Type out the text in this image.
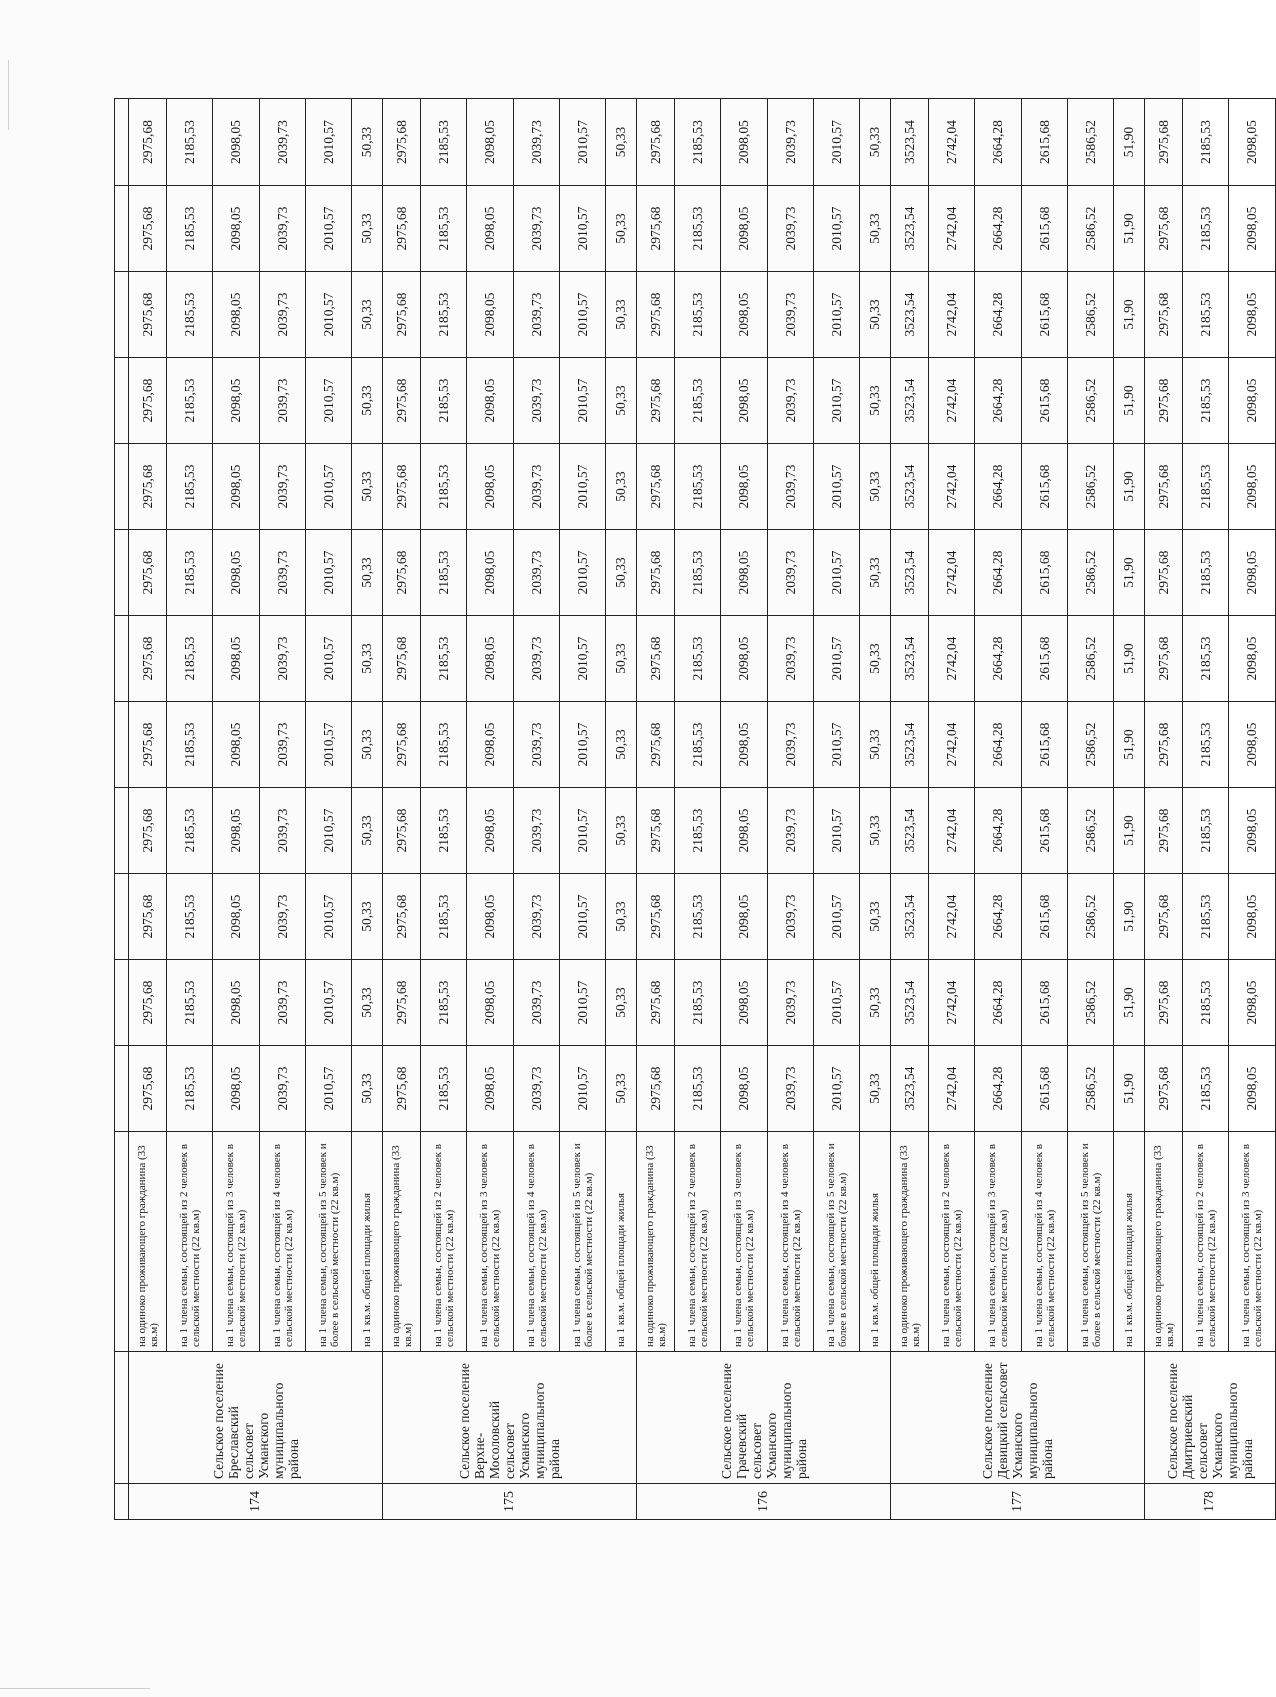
174	Сельское поселение Бреславский сельсовет Усманского муниципального района	на одиноко проживающего гражданина (33 кв.м)	2975,68	2975,68	2975,68	2975,68	2975,68	2975,68	2975,68	2975,68	2975,68	2975,68	2975,68	2975,68
		на 1 члена семьи, состоящей из 2 человек в сельской местности (22 кв.м)	2185,53	2185,53	2185,53	2185,53	2185,53	2185,53	2185,53	2185,53	2185,53	2185,53	2185,53	2185,53
		на 1 члена семьи, состоящей из 3 человек в сельской местности (22 кв.м)	2098,05	2098,05	2098,05	2098,05	2098,05	2098,05	2098,05	2098,05	2098,05	2098,05	2098,05	2098,05
		на 1 члена семьи, состоящей из 4 человек в сельской местности (22 кв.м)	2039,73	2039,73	2039,73	2039,73	2039,73	2039,73	2039,73	2039,73	2039,73	2039,73	2039,73	2039,73
		на 1 члена семьи, состоящей из 5 человек и более в сельской местности (22 кв.м)	2010,57	2010,57	2010,57	2010,57	2010,57	2010,57	2010,57	2010,57	2010,57	2010,57	2010,57	2010,57
		на 1 кв.м. общей площади жилья	50,33	50,33	50,33	50,33	50,33	50,33	50,33	50,33	50,33	50,33	50,33	50,33
175	Сельское поселение Верхне-Мосоловский сельсовет Усманского муниципального района	на одиноко проживающего гражданина (33 кв.м)	2975,68	2975,68	2975,68	2975,68	2975,68	2975,68	2975,68	2975,68	2975,68	2975,68	2975,68	2975,68
		на 1 члена семьи, состоящей из 2 человек в сельской местности (22 кв.м)	2185,53	2185,53	2185,53	2185,53	2185,53	2185,53	2185,53	2185,53	2185,53	2185,53	2185,53	2185,53
		на 1 члена семьи, состоящей из 3 человек в сельской местности (22 кв.м)	2098,05	2098,05	2098,05	2098,05	2098,05	2098,05	2098,05	2098,05	2098,05	2098,05	2098,05	2098,05
		на 1 члена семьи, состоящей из 4 человек в сельской местности (22 кв.м)	2039,73	2039,73	2039,73	2039,73	2039,73	2039,73	2039,73	2039,73	2039,73	2039,73	2039,73	2039,73
		на 1 члена семьи, состоящей из 5 человек и более в сельской местности (22 кв.м)	2010,57	2010,57	2010,57	2010,57	2010,57	2010,57	2010,57	2010,57	2010,57	2010,57	2010,57	2010,57
		на 1 кв.м. общей площади жилья	50,33	50,33	50,33	50,33	50,33	50,33	50,33	50,33	50,33	50,33	50,33	50,33
176	Сельское поселение Грачевский сельсовет Усманского муниципального района	на одиноко проживающего гражданина (33 кв.м)	2975,68	2975,68	2975,68	2975,68	2975,68	2975,68	2975,68	2975,68	2975,68	2975,68	2975,68	2975,68
		на 1 члена семьи, состоящей из 2 человек в сельской местности (22 кв.м)	2185,53	2185,53	2185,53	2185,53	2185,53	2185,53	2185,53	2185,53	2185,53	2185,53	2185,53	2185,53
		на 1 члена семьи, состоящей из 3 человек в сельской местности (22 кв.м)	2098,05	2098,05	2098,05	2098,05	2098,05	2098,05	2098,05	2098,05	2098,05	2098,05	2098,05	2098,05
		на 1 члена семьи, состоящей из 4 человек в сельской местности (22 кв.м)	2039,73	2039,73	2039,73	2039,73	2039,73	2039,73	2039,73	2039,73	2039,73	2039,73	2039,73	2039,73
		на 1 члена семьи, состоящей из 5 человек и более в сельской местности (22 кв.м)	2010,57	2010,57	2010,57	2010,57	2010,57	2010,57	2010,57	2010,57	2010,57	2010,57	2010,57	2010,57
		на 1 кв.м. общей площади жилья	50,33	50,33	50,33	50,33	50,33	50,33	50,33	50,33	50,33	50,33	50,33	50,33
177	Сельское поселение Девицкий сельсовет Усманского муниципального района	на одиноко проживающего гражданина (33 кв.м)	3523,54	3523,54	3523,54	3523,54	3523,54	3523,54	3523,54	3523,54	3523,54	3523,54	3523,54	3523,54
		на 1 члена семьи, состоящей из 2 человек в сельской местности (22 кв.м)	2742,04	2742,04	2742,04	2742,04	2742,04	2742,04	2742,04	2742,04	2742,04	2742,04	2742,04	2742,04
		на 1 члена семьи, состоящей из 3 человек в сельской местности (22 кв.м)	2664,28	2664,28	2664,28	2664,28	2664,28	2664,28	2664,28	2664,28	2664,28	2664,28	2664,28	2664,28
		на 1 члена семьи, состоящей из 4 человек в сельской местности (22 кв.м)	2615,68	2615,68	2615,68	2615,68	2615,68	2615,68	2615,68	2615,68	2615,68	2615,68	2615,68	2615,68
		на 1 члена семьи, состоящей из 5 человек и более в сельской местности (22 кв.м)	2586,52	2586,52	2586,52	2586,52	2586,52	2586,52	2586,52	2586,52	2586,52	2586,52	2586,52	2586,52
		на 1 кв.м. общей площади жилья	51,90	51,90	51,90	51,90	51,90	51,90	51,90	51,90	51,90	51,90	51,90	51,90
178	Сельское поселение Дмитриевский сельсовет Усманского муниципального района	на одиноко проживающего гражданина (33 кв.м)	2975,68	2975,68	2975,68	2975,68	2975,68	2975,68	2975,68	2975,68	2975,68	2975,68	2975,68	2975,68
		на 1 члена семьи, состоящей из 2 человек в сельской местности (22 кв.м)	2185,53	2185,53	2185,53	2185,53	2185,53	2185,53	2185,53	2185,53	2185,53	2185,53	2185,53	2185,53
		на 1 члена семьи, состоящей из 3 человек в сельской местности (22 кв.м)	2098,05	2098,05	2098,05	2098,05	2098,05	2098,05	2098,05	2098,05	2098,05	2098,05	2098,05	2098,05
